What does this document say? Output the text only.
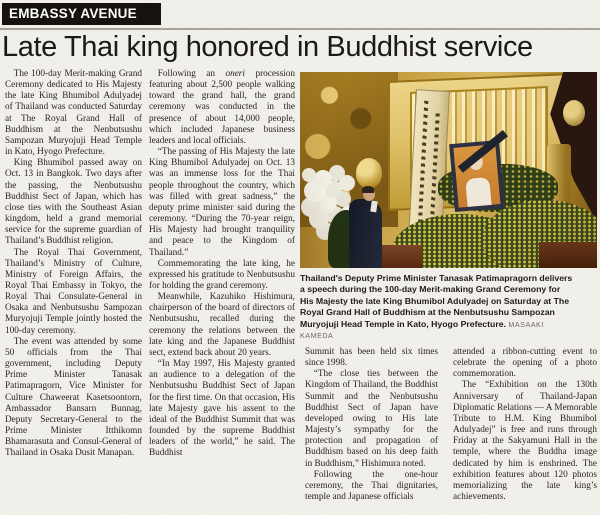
EMBASSY AVENUE
Late Thai king honored in Buddhist service

The 100-day Merit-making Grand Ceremony dedicated to His Majesty the late King Bhumibol Adulyadej of Thailand was conducted Saturday at The Royal Grand Hall of Buddhism at the Nenbutsushu Sampozan Muryojuji Head Temple in Kato, Hyogo Prefecture.

King Bhumibol passed away on Oct. 13 in Bangkok. Two days after the passing, the Nenbutsushu Buddhist Sect of Japan, which has close ties with the Southeast Asian kingdom, held a grand memorial service for the supreme guardian of Thailand’s Buddhist religion.

The Royal Thai Government, Thailand’s Ministry of Culture, Ministry of Foreign Affairs, the Royal Thai Embassy in Tokyo, the Royal Thai Consulate-General in Osaka and Nenbutsushu Sampozan Muryojuji Temple jointly hosted the 100-day ceremony.

The event was attended by some 50 officials from the Thai government, including Deputy Prime Minister Tanasak Patimapragorn, Vice Minister for Culture Chaweerat Kasetsoontorn, Ambassador Bansarn Bunnag, Deputy Secretary-General to the Prime Minister Itthikomn Bhamarasuta and Consul-General of Thailand in Osaka Dusit Manapan.

Following an oneri procession featuring about 2,500 people walking toward the grand hall, the grand ceremony was conducted in the presence of about 14,000 people, which included Japanese business leaders and local officials.

“The passing of His Majesty the late King Bhumibol Adulyadej on Oct. 13 was an immense loss for the Thai people throughout the country, which was filled with great sadness,” the deputy prime minister said during the ceremony. “During the 70-year reign, His Majesty had brought tranquility and peace to the Kingdom of Thailand.”

Commemorating the late king, he expressed his gratitude to Nenbutsushu for holding the grand ceremony.

Meanwhile, Kazuhiko Hishimura, chairperson of the board of directors of Nenbutsushu, recalled during the ceremony the relations between the late king and the Japanese Buddhist sect, extend back about 20 years.

“In May 1997, His Majesty granted an audience to a delegation of the Nenbutsushu Buddhist Sect of Japan for the first time. On that occasion, His late Majesty gave his assent to the ideal of the Buddhist Summit that was founded by the supreme Buddhist leaders of the world,” he said. The Buddhist

Summit has been held six times since 1998.

“The close ties between the Kingdom of Thailand, the Buddhist Summit and the Nenbutsushu Buddhist Sect of Japan have developed owing to His late Majesty’s sympathy for the protection and propagation of Buddhism based on his deep faith in Buddhism,” Hishimura noted.

Following the one-hour ceremony, the Thai dignitaries, temple and Japanese officials

attended a ribbon-cutting event to celebrate the opening of a photo commemoration.

The “Exhibition on the 130th Anniversary of Thailand-Japan Diplomatic Relations — A Memorable Tribute to H.M. King Bhumibol Adulyadej” is free and runs through Friday at the Sakyamuni Hall in the temple, where the Buddha image dedicated by him is enshrined. The exhibition features about 120 photos memorializing the late king’s achievements.

Thailand's Deputy Prime Minister Tanasak Patimapragorn delivers a speech during the 100-day Merit-making Grand Ceremony for His Majesty the late King Bhumibol Adulyadej on Saturday at The Royal Grand Hall of Buddhism at the Nenbutsushu Sampozan Muryojuji Head Temple in Kato, Hyogo Prefecture. MASAAKI KAMEDA
